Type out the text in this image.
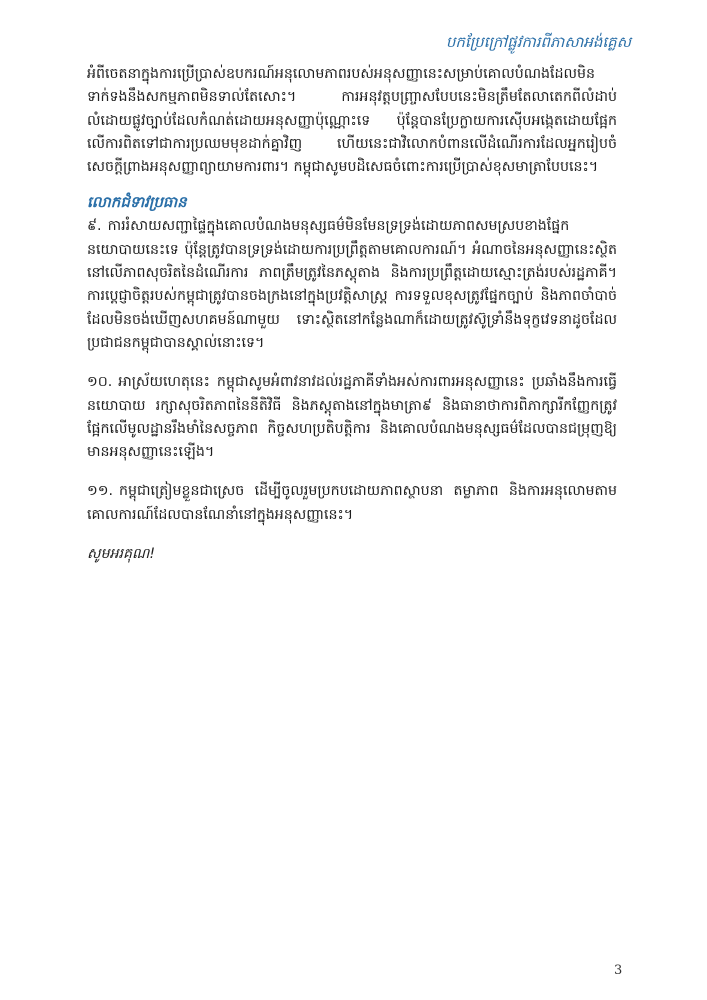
បកប្រែក្រៅផ្លូវការពីភាសាអង់គ្លេស

អំពីចេតនាក្នុងការប្រើប្រាស់ឧបករណ៍អនុលោមភាពរបស់អនុសញ្ញានេះសម្រាប់គោលបំណងដែលមិនទាក់ទងនឹងសកម្មភាពមិនទាល់តែសោះ។ ការអនុវត្តបញ្ច្រាសបែបនេះមិនត្រឹមតែលាតេកពីលំដាប់លំដោយផ្លូវច្បាប់ដែលកំណត់ដោយអនុសញ្ញាប៉ុណ្ណោះទេ ប៉ុន្តែបានប្រែក្លាយការស៊ើបអង្កេតដោយផ្អែកលើការពិតទៅជាការប្រឈមមុខដាក់គ្នាវិញ ហើយនេះជាវិលោកបំពានលើដំណើរការដែលអ្នករៀបចំសេចក្តីព្រាងអនុសញ្ញាព្យាយាមការពារ។ កម្ពុជាសូមបដិសេធចំពោះការប្រើប្រាស់ខុសមាត្រាបែបនេះ។

លោកជំទាវប្រធាន

៩. ការរំសាយសញ្ជាផ្ទៃក្នុងគោលបំណងមនុស្សធម៌មិនមែនទ្រទ្រង់ដោយភាពសមស្របខាងផ្នែកនយោបាយនេះទេ ប៉ុន្តែត្រូវបានទ្រទ្រង់ដោយការប្រព្រឹត្តតាមគោលការណ៍។ អំណាចនៃអនុសញ្ញានេះស្ថិតនៅលើភាពសុចរិតនៃដំណើរការ ភាពត្រឹមត្រូវនៃភស្តុតាង និងការប្រព្រឹត្តដោយស្មោះត្រង់របស់រដ្ឋភាគី។ ការប្តេជ្ញាចិត្តរបស់កម្ពុជាត្រូវបានចងក្រងនៅក្នុងប្រវត្តិសាស្ត្រ ការទទួលខុសត្រូវផ្នែកច្បាប់ និងភាពចាំបាច់ដែលមិនចង់ឃើញសហគមន៍ណាមួយ ទោះស្ថិតនៅកន្លែងណាក៏ដោយត្រូវស៊ូទ្រាំនឹងទុក្ខវេទនាដូចដែលប្រជាជនកម្ពុជាបានស្គាល់នោះទេ។

១០. អាស្រ័យហេតុនេះ កម្ពុជាសូមអំពាវនាវដល់រដ្ឋភាគីទាំងអស់ការពារអនុសញ្ញានេះ ប្រឆាំងនឹងការធ្វើនយោបាយ រក្សាសុចរិតភាពនៃនីតិវិធី និងភស្តុតាងនៅក្នុងមាត្រា៩ និងធានាថាការពិភាក្សារីកញ្ញែកត្រូវផ្អែកលើមូលដ្ឋានរឹងមាំនៃសច្ចភាព កិច្ចសហប្រតិបត្តិការ និងគោលបំណងមនុស្សធម៌ដែលបានជម្រុញឱ្យមានអនុសញ្ញានេះឡើង។

១១. កម្ពុជាត្រៀមខ្លួនជាស្រេច ដើម្បីចូលរួមប្រកបដោយភាពស្ថាបនា តម្លាភាព និងការអនុលោមតាមគោលការណ៍ដែលបានណែនាំនៅក្នុងអនុសញ្ញានេះ។

សូមអរគុណ!
3
